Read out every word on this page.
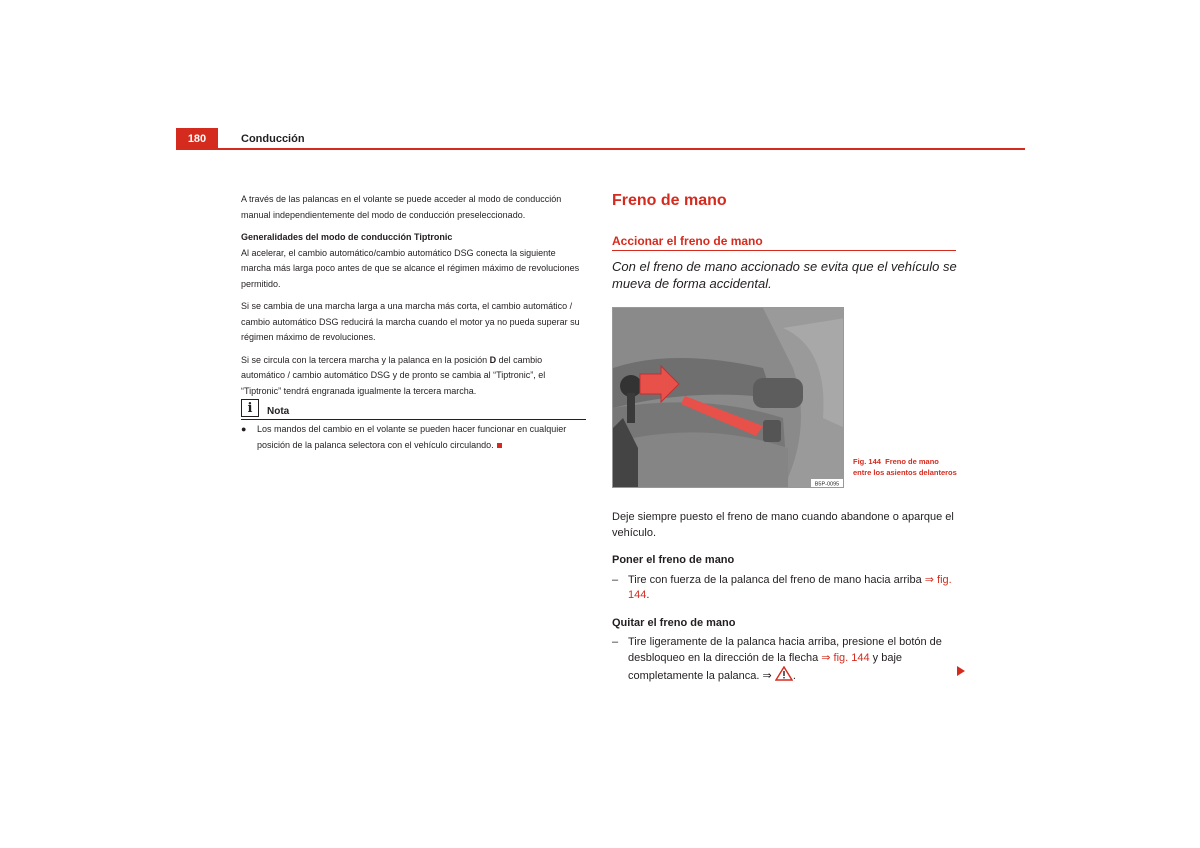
180	Conducción

A través de las palancas en el volante se puede acceder al modo de conducción manual independientemente del modo de conducción preseleccionado.

Generalidades del modo de conducción Tiptronic

Al acelerar, el cambio automático/cambio automático DSG conecta la siguiente marcha más larga poco antes de que se alcance el régimen máximo de revoluciones permitido.

Si se cambia de una marcha larga a una marcha más corta, el cambio automático / cambio automático DSG reducirá la marcha cuando el motor ya no pueda superar su régimen máximo de revoluciones.

Si se circula con la tercera marcha y la palanca en la posición D del cambio automático / cambio automático DSG y de pronto se cambia al “Tiptronic”, el “Tiptronic” tendrá engranada igualmente la tercera marcha.

i	Nota

● Los mandos del cambio en el volante se pueden hacer funcionar en cualquier posición de la palanca selectora con el vehículo circulando.

Freno de mano
Accionar el freno de mano
Con el freno de mano accionado se evita que el vehículo se mueva de forma accidental.
B5P-0095
Fig. 144 Freno de mano entre los asientos delanteros

Deje siempre puesto el freno de mano cuando abandone o aparque el vehículo.

Poner el freno de mano

– Tire con fuerza de la palanca del freno de mano hacia arriba ⇒ fig. 144.

Quitar el freno de mano

– Tire ligeramente de la palanca hacia arriba, presione el botón de desbloqueo en la dirección de la flecha ⇒ fig. 144 y baje completamente la palanca. ⇒ .
